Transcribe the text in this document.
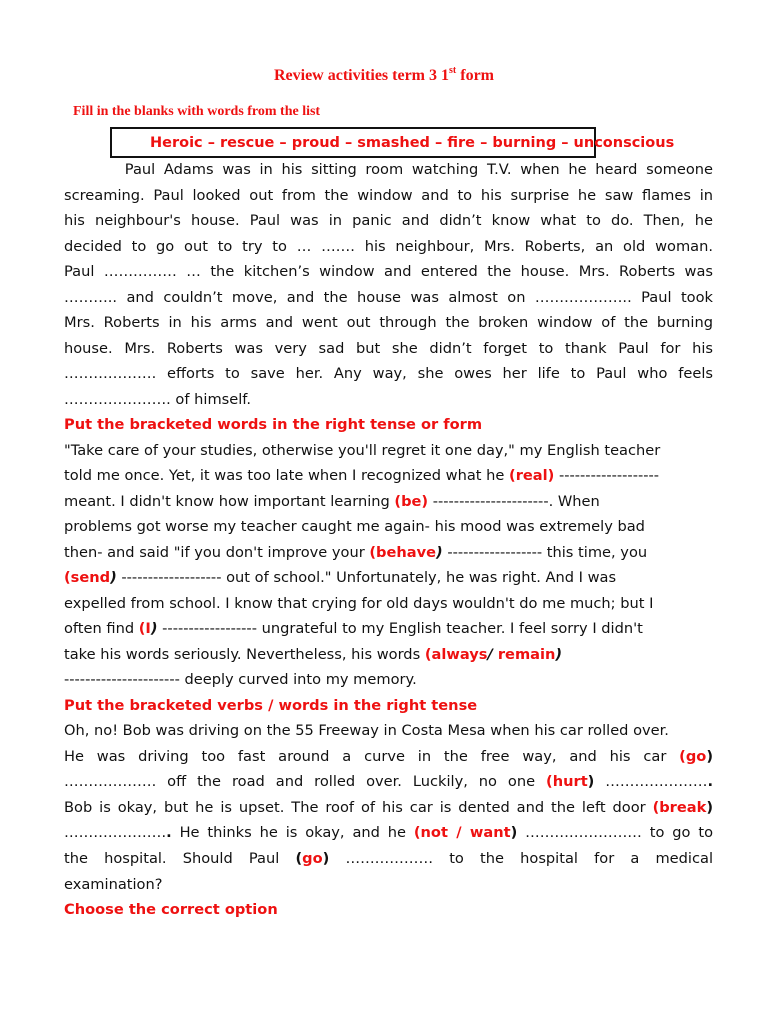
Review activities term 3 1st form
Fill in the blanks with words from the list
Heroic – rescue – proud – smashed – fire – burning – unconscious
Paul Adams was in his sitting room watching T.V. when he heard someone
screaming. Paul looked out from the window and to his surprise he saw flames in
his neighbour's house. Paul was in panic and didn’t know what to do. Then, he
decided to go out to try to … ……. his neighbour, Mrs. Roberts, an old woman.
Paul …………… … the kitchen’s window and entered the house. Mrs. Roberts was
……….. and couldn’t move, and the house was almost on ……………….. Paul took
Mrs. Roberts in his arms and went out through the broken window of the burning
house. Mrs. Roberts was very sad but she didn’t forget to thank Paul for his
………………. efforts to save her. Any way, she owes her life to Paul who feels
…………………. of himself.
Put the bracketed words in the right tense or form
"Take care of your studies, otherwise you'll regret it one day," my English teacher
told me once. Yet, it was too late when I recognized what he (real) -------------------
meant. I didn't know how important learning (be) ----------------------. When
problems got worse my teacher caught me again- his mood was extremely bad
then- and said "if you don't improve your (behave) ------------------ this time, you
(send) ------------------- out of school." Unfortunately, he was right. And I was
expelled from school. I know that crying for old days wouldn't do me much; but I
often find (I) ------------------ ungrateful to my English teacher. I feel sorry I didn't
take his words seriously. Nevertheless, his words (always/ remain)
---------------------- deeply curved into my memory.
Put the bracketed verbs / words in the right tense
Oh, no! Bob was driving on the 55 Freeway in Costa Mesa when his car rolled over.
He was driving too fast around a curve in the free way, and his car (go)
………………. off the road and rolled over. Luckily, no one (hurt) ………………….
Bob is okay, but he is upset. The roof of his car is dented and the left door (break)
…………………. He thinks he is okay, and he (not / want) …………………… to go to
the hospital. Should Paul (go) ……………… to the hospital for a medical
examination?
Choose the correct option
